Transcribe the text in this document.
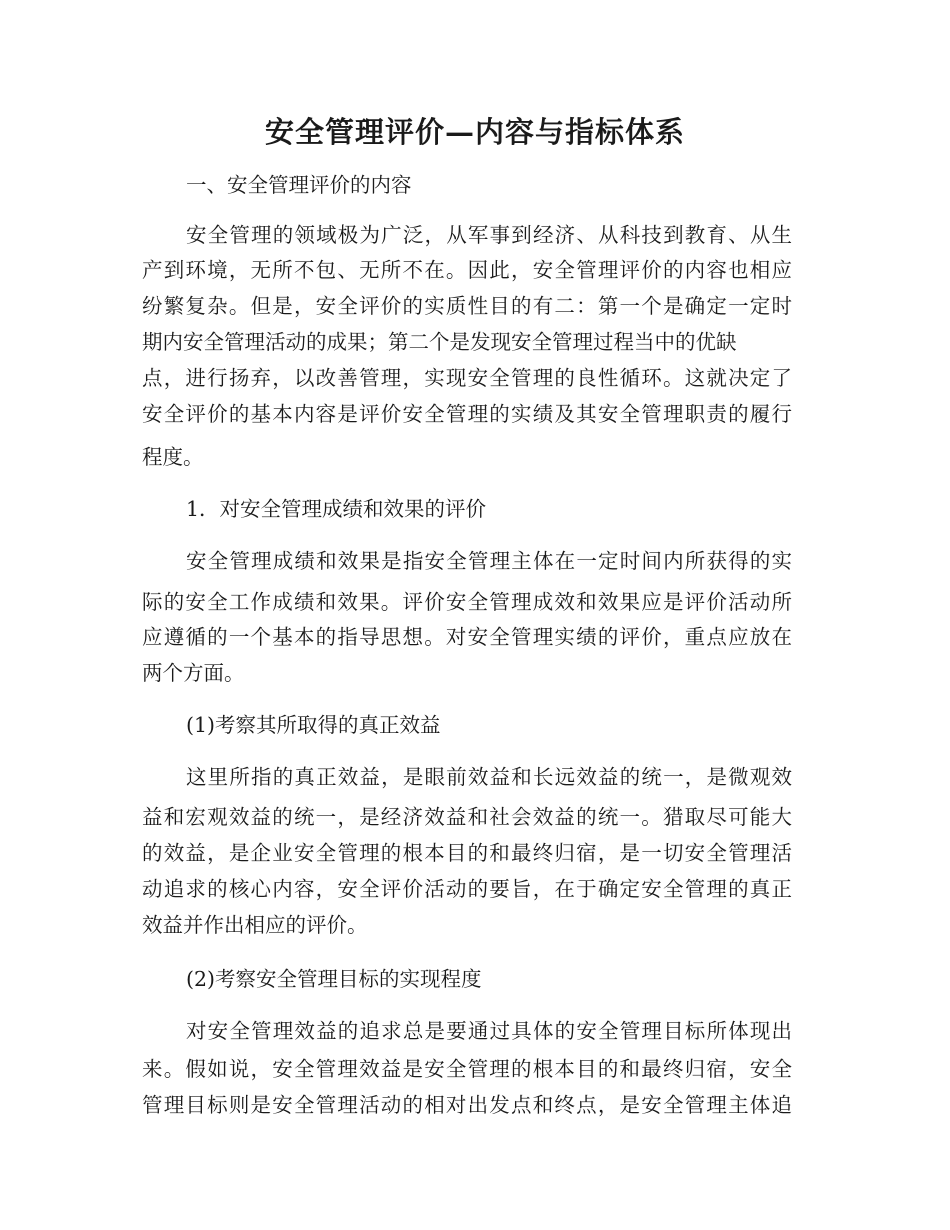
安全管理评价—内容与指标体系

一、安全管理评价的内容

安全管理的领域极为广泛，从军事到经济、从科技到教育、从生

产到环境，无所不包、无所不在。因此，安全管理评价的内容也相应

纷繁复杂。但是，安全评价的实质性目的有二：第一个是确定一定时

期内安全管理活动的成果；第二个是发现安全管理过程当中的优缺

点，进行扬弃，以改善管理，实现安全管理的良性循环。这就决定了

安全评价的基本内容是评价安全管理的实绩及其安全管理职责的履行

程度。

1．对安全管理成绩和效果的评价

安全管理成绩和效果是指安全管理主体在一定时间内所获得的实

际的安全工作成绩和效果。评价安全管理成效和效果应是评价活动所

应遵循的一个基本的指导思想。对安全管理实绩的评价，重点应放在

两个方面。

(1)考察其所取得的真正效益

这里所指的真正效益，是眼前效益和长远效益的统一，是微观效

益和宏观效益的统一，是经济效益和社会效益的统一。猎取尽可能大

的效益，是企业安全管理的根本目的和最终归宿，是一切安全管理活

动追求的核心内容，安全评价活动的要旨，在于确定安全管理的真正

效益并作出相应的评价。

(2)考察安全管理目标的实现程度

对安全管理效益的追求总是要通过具体的安全管理目标所体现出

来。假如说，安全管理效益是安全管理的根本目的和最终归宿，安全

管理目标则是安全管理活动的相对出发点和终点，是安全管理主体追
